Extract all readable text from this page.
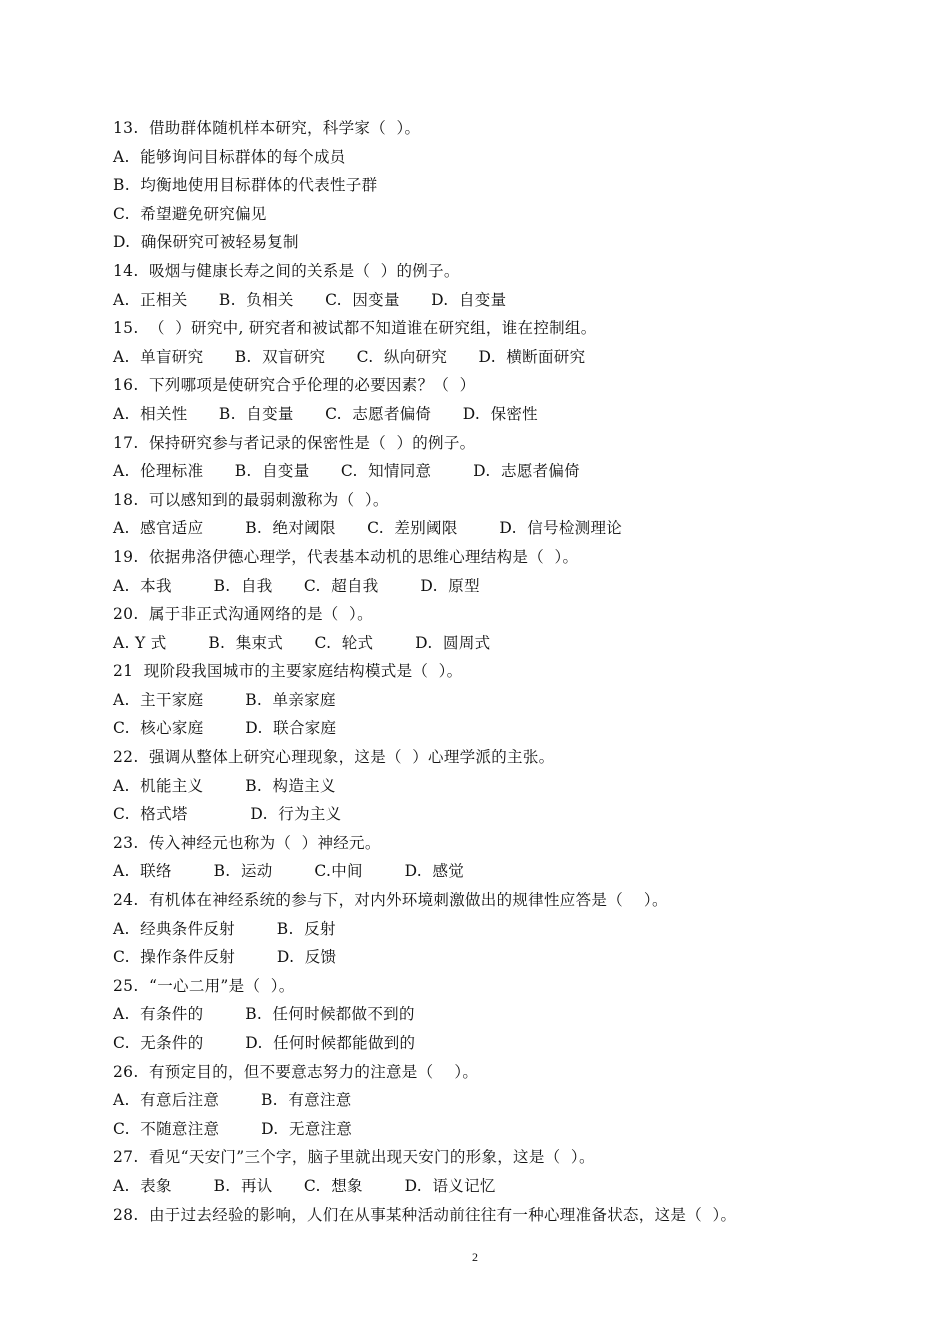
13.  借助群体随机样本研究，科学家（  ）。
A.  能够询问目标群体的每个成员
B.  均衡地使用目标群体的代表性子群
C.  希望避免研究偏见
D.  确保研究可被轻易复制
14.  吸烟与健康长寿之间的关系是（  ）的例子。
A.  正相关      B.  负相关      C.  因变量      D.  自变量
15.  （  ）研究中, 研究者和被试都不知道谁在研究组，谁在控制组。
A.  单盲研究      B.  双盲研究      C.  纵向研究      D.  横断面研究
16.  下列哪项是使研究合乎伦理的必要因素？（  ）
A.  相关性      B.  自变量      C.  志愿者偏倚      D.  保密性
17.  保持研究参与者记录的保密性是（  ）的例子。
A.  伦理标准      B.  自变量      C.  知情同意        D.  志愿者偏倚
18.  可以感知到的最弱刺激称为（  ）。
A.  感官适应        B.  绝对阈限      C.  差别阈限        D.  信号检测理论
19.  依据弗洛伊德心理学，代表基本动机的思维心理结构是（  ）。
A.  本我        B.  自我      C.  超自我        D.  原型
20.  属于非正式沟通网络的是（  ）。
A. Y 式        B.  集束式      C.  轮式        D.  圆周式
21  现阶段我国城市的主要家庭结构模式是（  ）。
A.  主干家庭        B.  单亲家庭
C.  核心家庭        D.  联合家庭
22.  强调从整体上研究心理现象，这是（  ）心理学派的主张。
A.  机能主义        B.  构造主义
C.  格式塔            D.  行为主义
23.  传入神经元也称为（  ）神经元。
A.  联络        B.  运动        C.中间        D.  感觉
24.  有机体在神经系统的参与下，对内外环境刺激做出的规律性应答是（    ）。
A.  经典条件反射        B.  反射
C.  操作条件反射        D.  反馈
25.  “一心二用”是（  ）。
A.  有条件的        B.  任何时候都做不到的
C.  无条件的        D.  任何时候都能做到的
26.  有预定目的，但不要意志努力的注意是（    ）。
A.  有意后注意        B.  有意注意
C.  不随意注意        D.  无意注意
27.  看见“天安门”三个字，脑子里就出现天安门的形象，这是（  ）。
A.  表象        B.  再认      C.  想象        D.  语义记忆
28.  由于过去经验的影响，人们在从事某种活动前往往有一种心理准备状态，这是（  ）。
2
